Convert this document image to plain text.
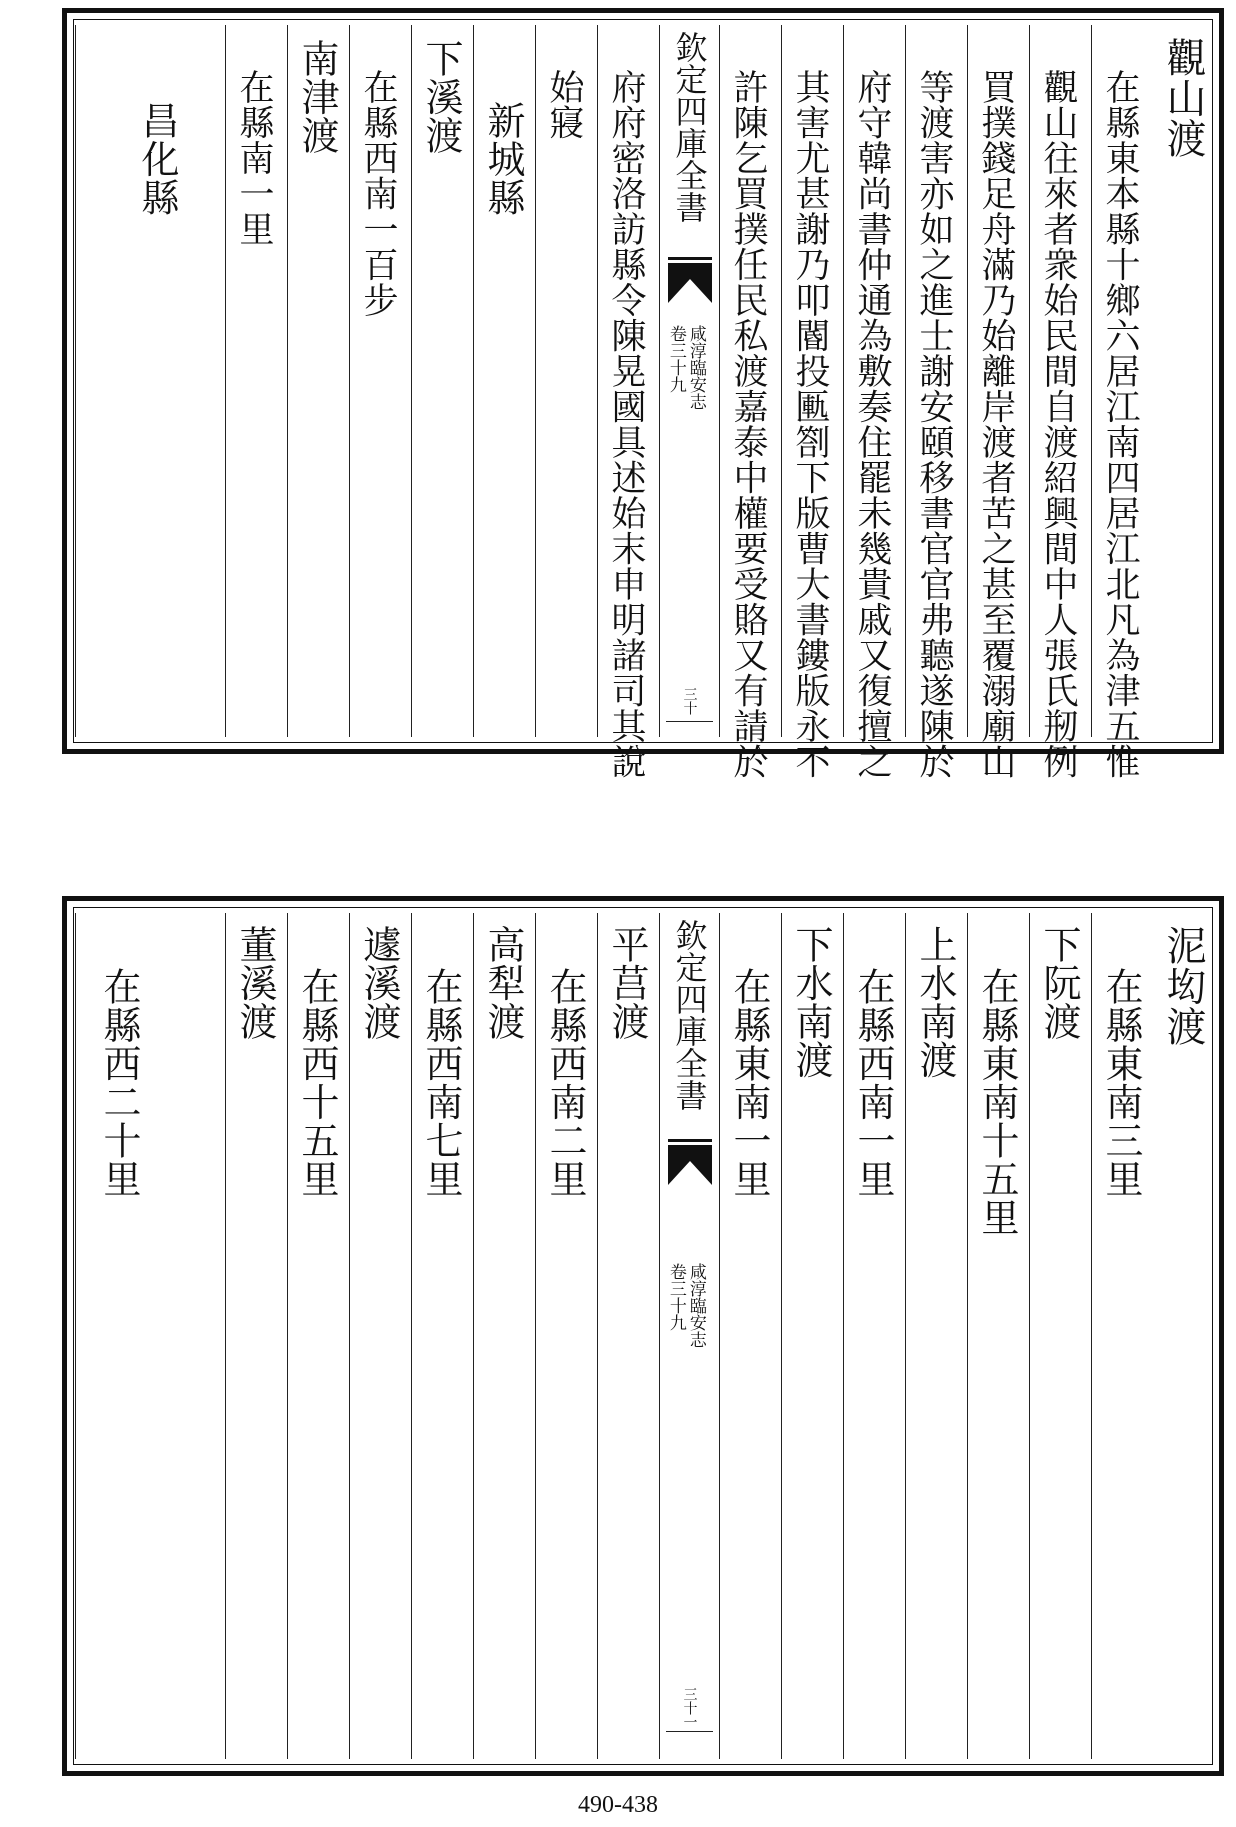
觀山渡
在縣東本縣十鄉六居江南四居江北凡為津五惟
觀山往來者衆始民間自渡紹興間中人張氏剏例
買撲錢足舟滿乃始離岸渡者苦之甚至覆溺廟山
等渡害亦如之進士謝安頤移書官官弗聽遂陳於
府守韓尚書仲通為敷奏住罷未幾貴戚又復擅之
其害尤甚謝乃叩閽投匭劄下版曹大書鏤版永不
許陳乞買撲任民私渡嘉泰中權要受賂又有請於
欽定四庫全書
咸淳臨安志
卷三十九
三十
府府密洛訪縣令陳晃國具述始末申明諸司其說
始寢
新城縣
下溪渡
在縣西南一百步
南津渡
在縣南一里
昌化縣
泥㘭渡
在縣東南三里
下阮渡
在縣東南十五里
上水南渡
在縣西南一里
下水南渡
在縣東南一里
欽定四庫全書
咸淳臨安志
卷三十九
三十一
平莒渡
在縣西南二里
高犁渡
在縣西南七里
遽溪渡
在縣西十五里
董溪渡
在縣西二十里
490-438
